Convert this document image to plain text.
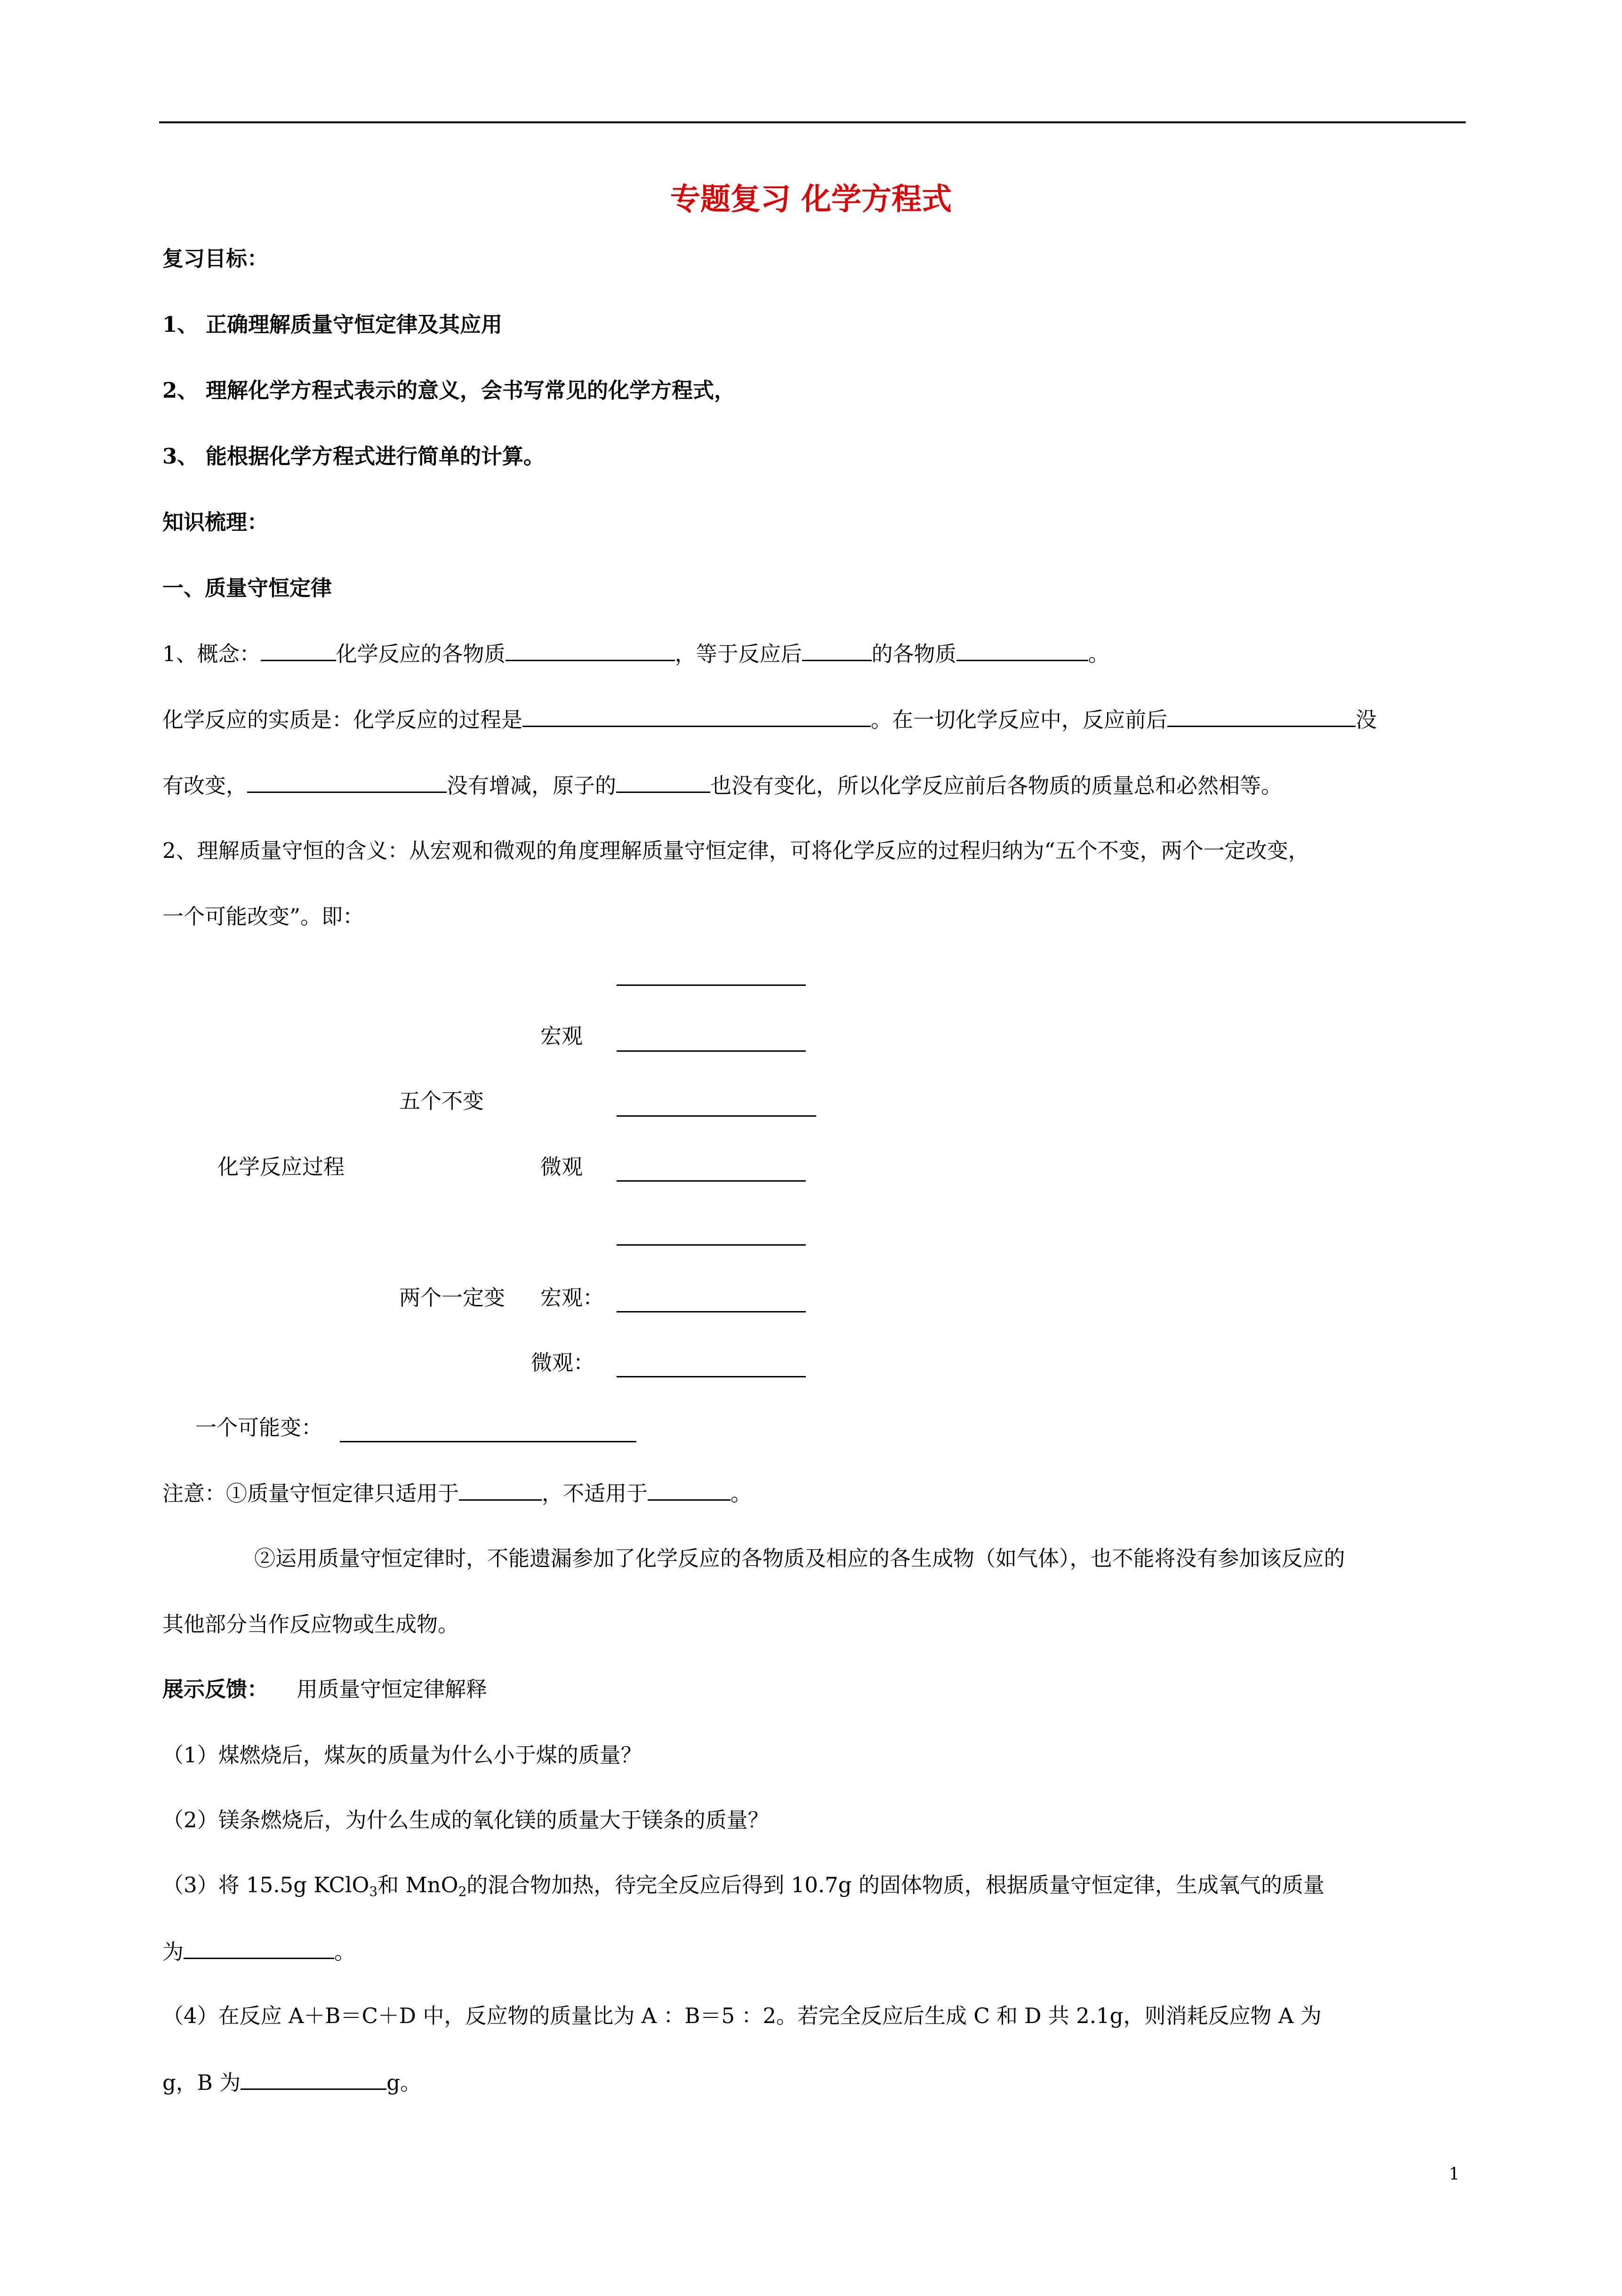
专题复习 化学方程式
复习目标：
1、 正确理解质量守恒定律及其应用
2、 理解化学方程式表示的意义，会书写常见的化学方程式，
3、 能根据化学方程式进行简单的计算。
知识梳理：
一、质量守恒定律
1、概念：	化学反应的各物质	，等于反应后	的各物质	。
化学反应的实质是：化学反应的过程是	。在一切化学反应中，反应前后	没
有改变，	没有增减，原子的	也没有变化，所以化学反应前后各物质的质量总和必然相等。
2、理解质量守恒的含义：从宏观和微观的角度理解质量守恒定律，可将化学反应的过程归纳为“五个不变，两个一定改变，
一个可能改变”。即：
宏观
五个不变
化学反应过程	微观
两个一定变 宏观：
微观：
一个可能变：
注意：①质量守恒定律只适用于	，不适用于	。
②运用质量守恒定律时，不能遗漏参加了化学反应的各物质及相应的各生成物（如气体），也不能将没有参加该反应的
其他部分当作反应物或生成物。
展示反馈： 用质量守恒定律解释
（1）煤燃烧后，煤灰的质量为什么小于煤的质量？
（2）镁条燃烧后，为什么生成的氧化镁的质量大于镁条的质量？
（3）将 15.5g KClO$_3$和 MnO$_2$的混合物加热，待完全反应后得到 10.7g 的固体物质，根据质量守恒定律，生成氧气的质量
为	。
（4）在反应 A＋B＝C＋D 中，反应物的质量比为 A ：B＝5 ：2。若完全反应后生成 C 和 D 共 2.1g，则消耗反应物 A 为
g，B 为	g。
1
